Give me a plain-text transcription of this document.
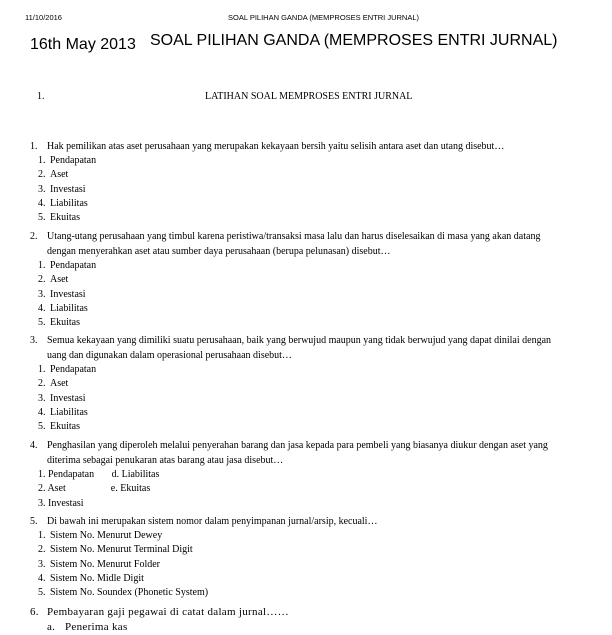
11/10/2016	SOAL PILIHAN GANDA (MEMPROSES ENTRI JURNAL)
16th May 2013 SOAL PILIHAN GANDA (MEMPROSES ENTRI JURNAL)
1.	LATIHAN SOAL MEMPROSES ENTRI JURNAL
1. Hak pemilikan atas aset perusahaan yang merupakan kekayaan bersih yaitu selisih antara aset dan utang disebut…
1. Pendapatan
2. Aset
3. Investasi
4. Liabilitas
5. Ekuitas
2. Utang-utang perusahaan yang timbul karena peristiwa/transaksi masa lalu dan harus diselesaikan di masa yang akan datang
dengan menyerahkan aset atau sumber daya perusahaan (berupa pelunasan) disebut…
1. Pendapatan
2. Aset
3. Investasi
4. Liabilitas
5. Ekuitas
3. Semua kekayaan yang dimiliki suatu perusahaan, baik yang berwujud maupun yang tidak berwujud yang dapat dinilai dengan
uang dan digunakan dalam operasional perusahaan disebut…
1. Pendapatan
2. Aset
3. Investasi
4. Liabilitas
5. Ekuitas
4. Penghasilan yang diperoleh melalui penyerahan barang dan jasa kepada para pembeli yang biasanya diukur dengan aset yang
diterima sebagai penukaran atas barang atau jasa disebut…
1. Pendapatan       d. Liabilitas
2. Aset                  e. Ekuitas
3. Investasi
5. Di bawah ini merupakan sistem nomor dalam penyimpanan jurnal/arsip, kecuali…
1. Sistem No. Menurut Dewey
2. Sistem No. Menurut Terminal Digit
3. Sistem No. Menurut Folder
4. Sistem No. Midle Digit
5. Sistem No. Soundex (Phonetic System)
6. Pembayaran gaji pegawai di catat dalam jurnal……
a. Penerima kas
